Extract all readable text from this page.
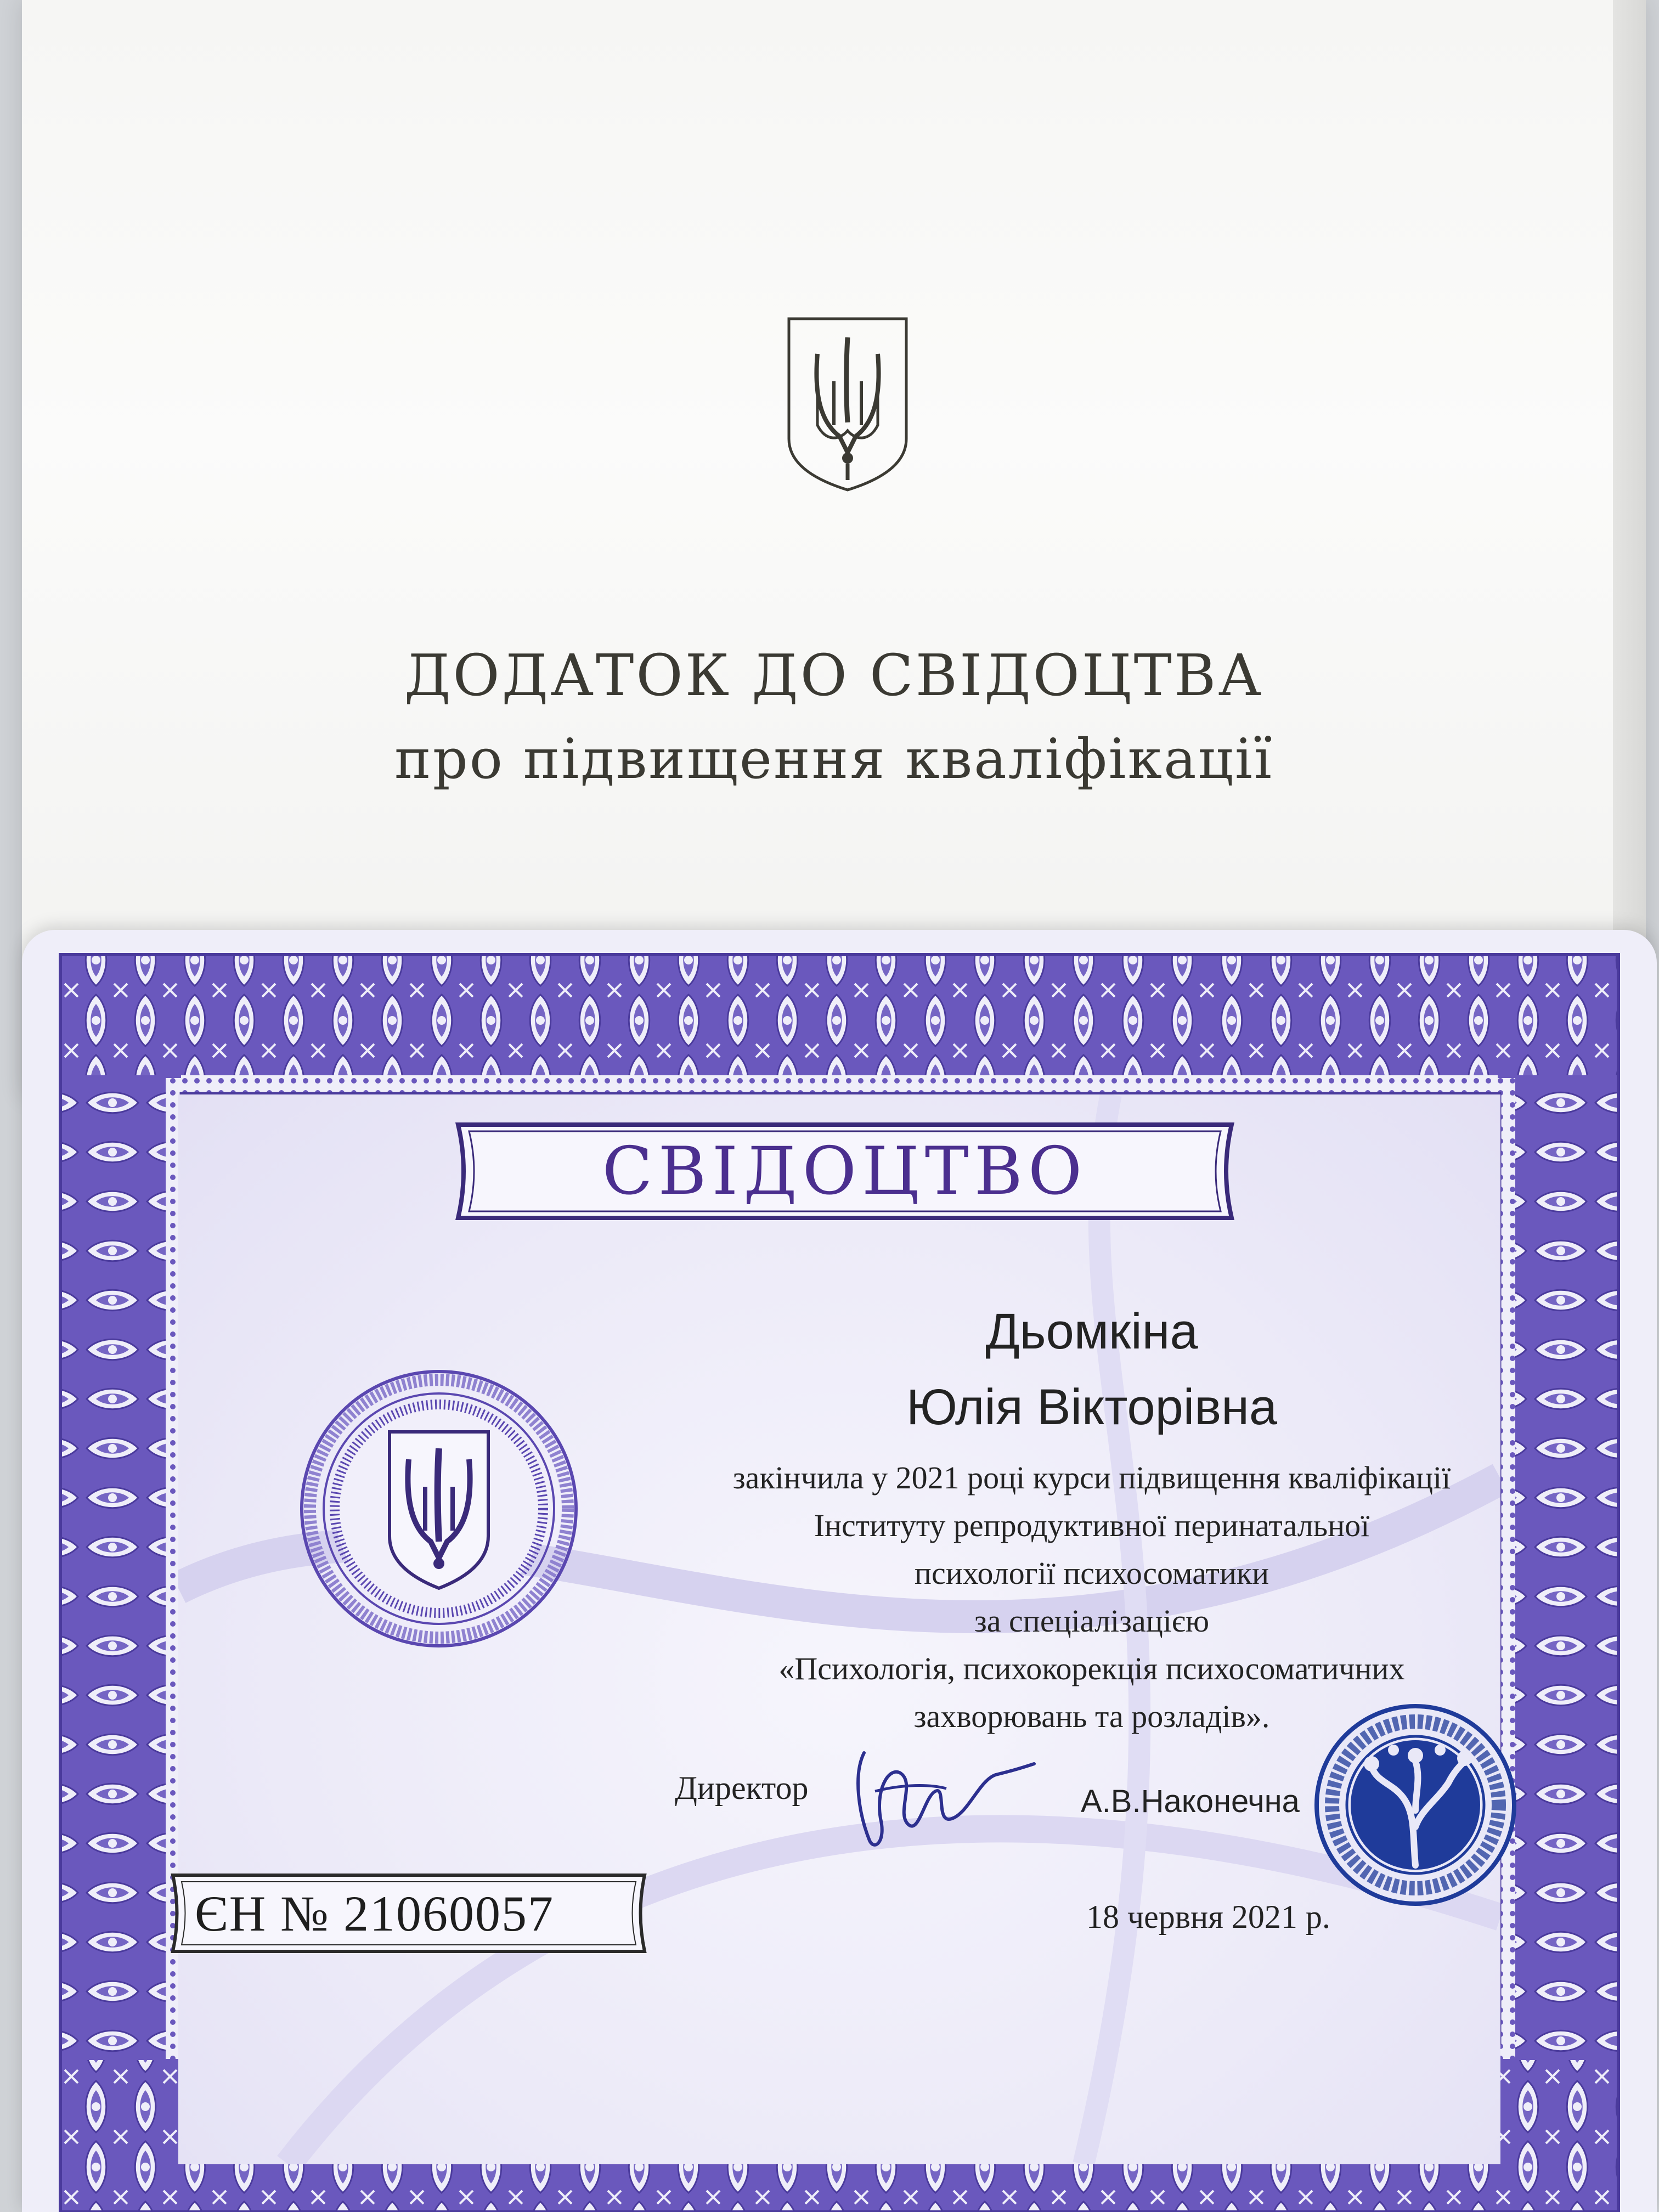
ДОДАТОК ДО СВІДОЦТВА
про підвищення кваліфікації
СВІДОЦТВО
Дьомкіна
Юлія Вікторівна
закінчила у 2021 році курси підвищення кваліфікації
Інституту репродуктивної перинатальної
психології психосоматики
за спеціалізацією
«Психологія, психокорекція психосоматичних
захворювань та розладів».
Директор	А.В.Наконечна
ЄН № 21060057	18 червня 2021 р.
